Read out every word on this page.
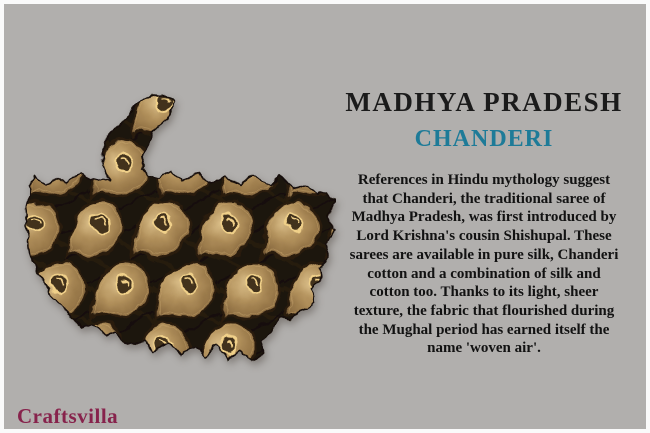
MADHYA PRADESH
CHANDERI
References in Hindu mythology suggest
that Chanderi, the traditional saree of
Madhya Pradesh, was first introduced by
Lord Krishna's cousin Shishupal. These
sarees are available in pure silk, Chanderi
cotton and a combination of silk and
cotton too. Thanks to its light, sheer
texture, the fabric that flourished during
the Mughal period has earned itself the
name 'woven air'.
Craftsvilla
